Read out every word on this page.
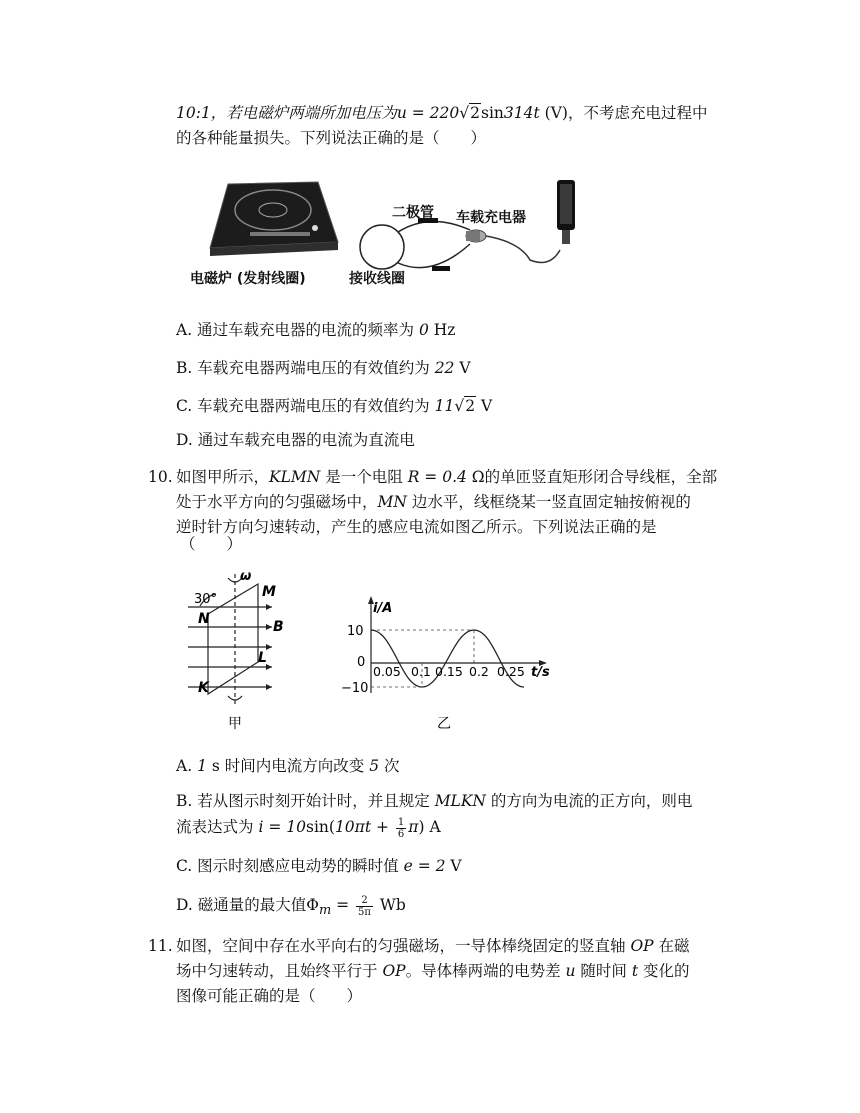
10:1，若电磁炉两端所加电压为u = 220√2sin314t (V)，不考虑充电过程中
的各种能量损失。下列说法正确的是（　　）
电磁炉 (发射线圈)	接收线圈
二极管 车载充电器
A. 通过车载充电器的电流的频率为 0 Hz
B. 车载充电器两端电压的有效值约为 22 V
C. 车载充电器两端电压的有效值约为 11√2 V
D. 通过车载充电器的电流为直流电
10. 如图甲所示，KLMN 是一个电阻 R = 0.4 Ω的单匝竖直矩形闭合导线框，全部
处于水平方向的匀强磁场中，MN 边水平，线框绕某一竖直固定轴按俯视的
逆时针方向匀速转动，产生的感应电流如图乙所示。下列说法正确的是
（　　）
30°
ω
M
N	B
L
K
甲
i/A
10
0
−10
0.05 0.1 0.15 0.2 0.25 t/s
乙
A. 1 s 时间内电流方向改变 5 次
B. 若从图示时刻开始计时，并且规定 MLKN 的方向为电流的正方向，则电
流表达式为 $i = 10\sin(10\pi t + \frac{1}{6} \pi)$ A
C. 图示时刻感应电动势的瞬时值 e = 2 V
D. 磁通量的最大值$\Phi_m = \frac{2}{5\pi}$ Wb
11. 如图，空间中存在水平向右的匀强磁场，一导体棒绕固定的竖直轴 OP 在磁
场中匀速转动，且始终平行于 OP。导体棒两端的电势差 u 随时间 t 变化的
图像可能正确的是（　　）
